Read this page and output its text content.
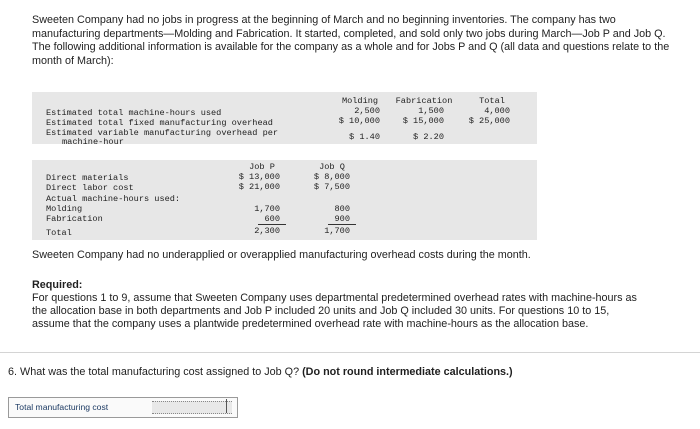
Sweeten Company had no jobs in progress at the beginning of March and no beginning inventories. The company has two manufacturing departments—Molding and Fabrication. It started, completed, and sold only two jobs during March—Job P and Job Q. The following additional information is available for the company as a whole and for Jobs P and Q (all data and questions relate to the month of March):
Molding	Fabrication	Total
Estimated total machine-hours used	2,500	1,500	4,000
Estimated total fixed manufacturing overhead	$ 10,000	$ 15,000	$ 25,000
Estimated variable manufacturing overhead per
machine-hour	$ 1.40	$ 2.20
Job P	Job Q
Direct materials	$ 13,000	$ 8,000
Direct labor cost	$ 21,000	$ 7,500
Actual machine-hours used:
Molding	1,700	800
Fabrication	600	900
Total	2,300	1,700
Sweeten Company had no underapplied or overapplied manufacturing overhead costs during the month.
Required:
For questions 1 to 9, assume that Sweeten Company uses departmental predetermined overhead rates with machine-hours as the allocation base in both departments and Job P included 20 units and Job Q included 30 units. For questions 10 to 15, assume that the company uses a plantwide predetermined overhead rate with machine-hours as the allocation base.
6. What was the total manufacturing cost assigned to Job Q? (Do not round intermediate calculations.)
Total manufacturing cost
